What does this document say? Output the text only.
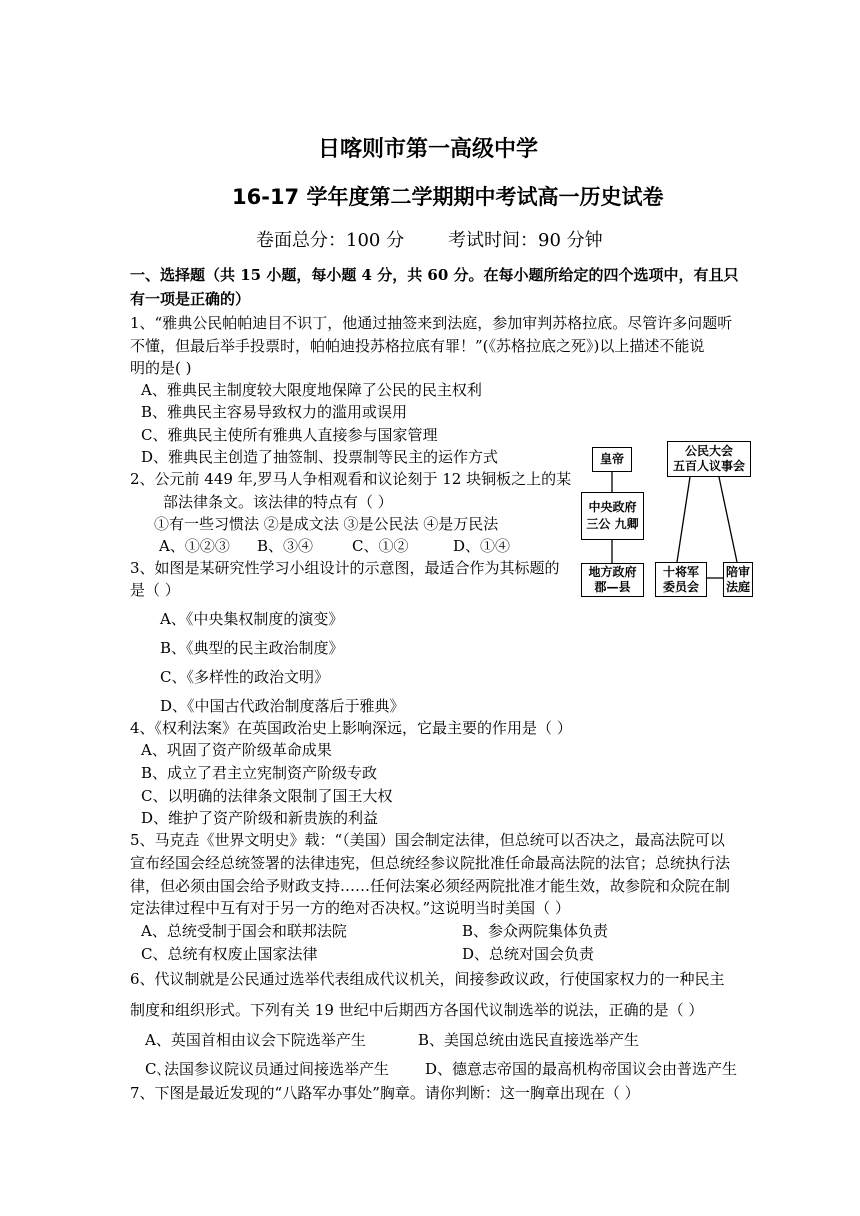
日喀则市第一高级中学
16-17 学年度第二学期期中考试高一历史试卷
卷面总分：100 分 考试时间：90 分钟
一、选择题（共 15 小题，每小题 4 分，共 60 分。在每小题所给定的四个选项中，有且只
有一项是正确的）
1、“雅典公民帕帕迪目不识丁，他通过抽签来到法庭，参加审判苏格拉底。尽管许多问题听
不懂，但最后举手投票时，帕帕迪投苏格拉底有罪！”(《苏格拉底之死》)以上描述不能说
明的是( )
A、雅典民主制度较大限度地保障了公民的民主权利
B、雅典民主容易导致权力的滥用或误用
C、雅典民主使所有雅典人直接参与国家管理
D、雅典民主创造了抽签制、投票制等民主的运作方式
2、公元前 449 年,罗马人争相观看和议论刻于 12 块铜板之上的某
部法律条文。该法律的特点有（ ）
①有一些习惯法 ②是成文法 ③是公民法 ④是万民法
A、①②③ B、③④	C、①②	D、①④
3、如图是某研究性学习小组设计的示意图，最适合作为其标题的
是（ ）
A、《中央集权制度的演变》
B、《典型的民主政治制度》
C、《多样性的政治文明》
D、《中国古代政治制度落后于雅典》
皇帝
中央政府
三公 九卿
地方政府
郡—县
公民大会
五百人议事会
十将军
委员会
陪审
法庭
4、《权利法案》在英国政治史上影响深远，它最主要的作用是（ ）
A、巩固了资产阶级革命成果
B、成立了君主立宪制资产阶级专政
C、以明确的法律条文限制了国王大权
D、维护了资产阶级和新贵族的利益
5、马克垚《世界文明史》载：“（美国）国会制定法律，但总统可以否决之，最高法院可以
宣布经国会经总统签署的法律违宪，但总统经参议院批准任命最高法院的法官；总统执行法
律，但必须由国会给予财政支持……任何法案必须经两院批准才能生效，故参院和众院在制
定法律过程中互有对于另一方的绝对否决权。”这说明当时美国（ ）
A、总统受制于国会和联邦法院	B、参众两院集体负责
C、总统有权废止国家法律	D、总统对国会负责
6、代议制就是公民通过选举代表组成代议机关，间接参政议政，行使国家权力的一种民主
制度和组织形式。下列有关 19 世纪中后期西方各国代议制选举的说法，正确的是（ ）
A、英国首相由议会下院选举产生	B、美国总统由选民直接选举产生
C､法国参议院议员通过间接选举产生 D、德意志帝国的最高机构帝国议会由普选产生
7、下图是最近发现的“八路军办事处”胸章。请你判断：这一胸章出现在（ ）
